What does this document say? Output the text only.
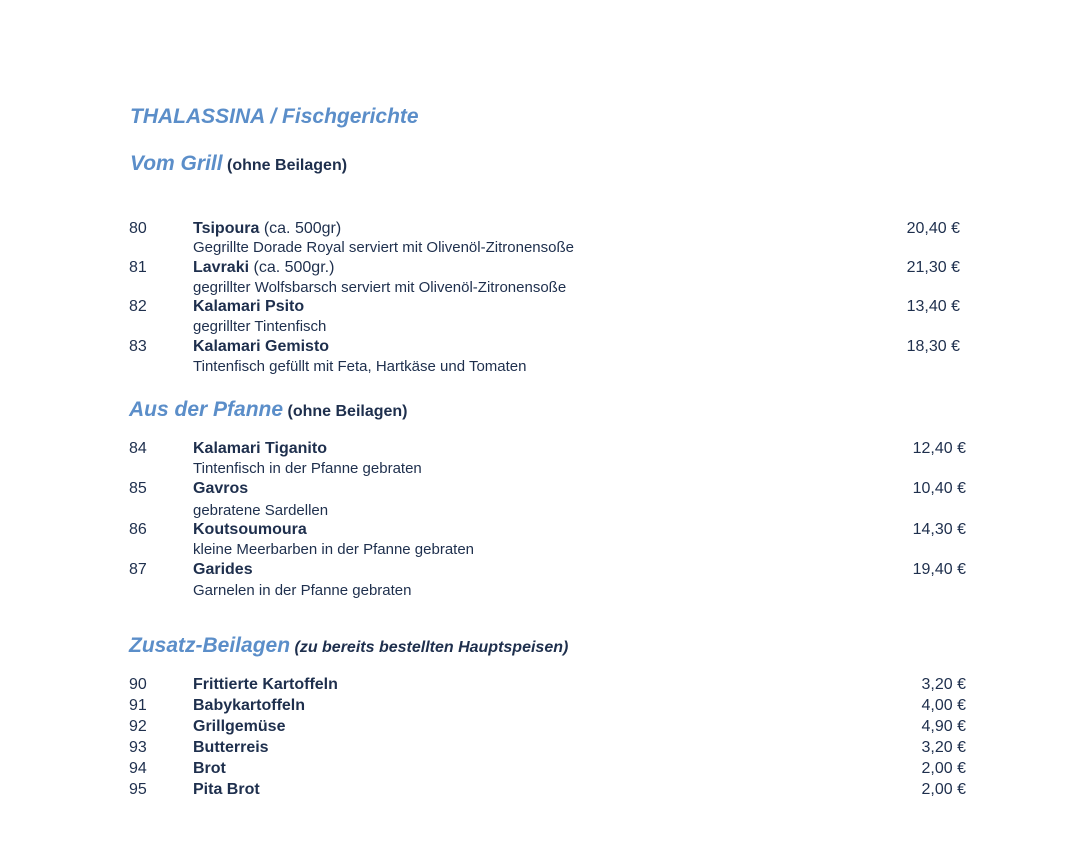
THALASSINA / Fischgerichte
Vom Grill (ohne Beilagen)
80	Tsipoura (ca. 500gr)
Gegrillte Dorade Royal serviert mit Olivenöl-Zitronensoße
20,40 €
81	Lavraki (ca. 500gr.)
gegrillter Wolfsbarsch serviert mit Olivenöl-Zitronensoße
21,30 €
82	Kalamari Psito
gegrillter Tintenfisch
13,40 €
83	Kalamari Gemisto
Tintenfisch gefüllt mit Feta, Hartkäse und Tomaten
18,30 €
Aus der Pfanne (ohne Beilagen)
84	Kalamari Tiganito
Tintenfisch in der Pfanne gebraten
12,40 €
85	Gavros
gebratene Sardellen
10,40 €
86	Koutsoumoura
kleine Meerbarben in der Pfanne gebraten
14,30 €
87	Garides
Garnelen in der Pfanne gebraten
19,40 €
Zusatz-Beilagen (zu bereits bestellten Hauptspeisen)
90	Frittierte Kartoffeln	3,20 €
91	Babykartoffeln	4,00 €
92	Grillgemüse	4,90 €
93	Butterreis	3,20 €
94	Brot	2,00 €
95	Pita Brot	2,00 €
